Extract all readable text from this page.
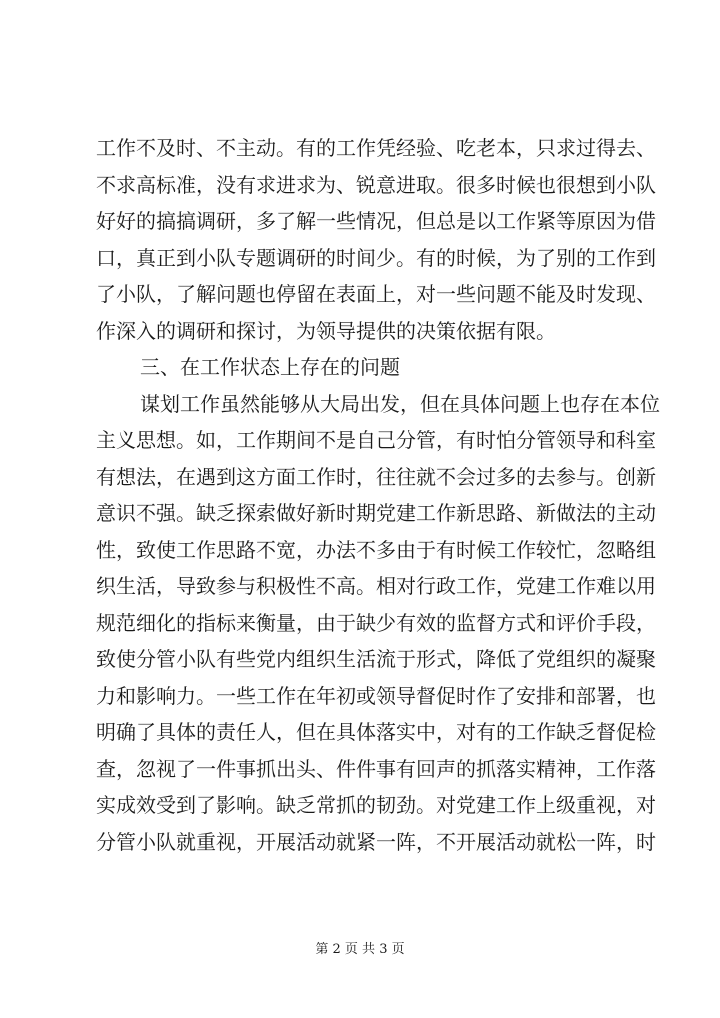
工作不及时、不主动。有的工作凭经验、吃老本，只求过得去、
不求高标准，没有求进求为、锐意进取。很多时候也很想到小队
好好的搞搞调研，多了解一些情况，但总是以工作紧等原因为借
口，真正到小队专题调研的时间少。有的时候，为了别的工作到
了小队，了解问题也停留在表面上，对一些问题不能及时发现、
作深入的调研和探讨，为领导提供的决策依据有限。
三、在工作状态上存在的问题
谋划工作虽然能够从大局出发，但在具体问题上也存在本位
主义思想。如，工作期间不是自己分管，有时怕分管领导和科室
有想法，在遇到这方面工作时，往往就不会过多的去参与。创新
意识不强。缺乏探索做好新时期党建工作新思路、新做法的主动
性，致使工作思路不宽，办法不多由于有时候工作较忙，忽略组
织生活，导致参与积极性不高。相对行政工作，党建工作难以用
规范细化的指标来衡量，由于缺少有效的监督方式和评价手段，
致使分管小队有些党内组织生活流于形式，降低了党组织的凝聚
力和影响力。一些工作在年初或领导督促时作了安排和部署，也
明确了具体的责任人，但在具体落实中，对有的工作缺乏督促检
查，忽视了一件事抓出头、件件事有回声的抓落实精神，工作落
实成效受到了影响。缺乏常抓的韧劲。对党建工作上级重视，对
分管小队就重视，开展活动就紧一阵，不开展活动就松一阵，时
第 2 页 共 3 页
